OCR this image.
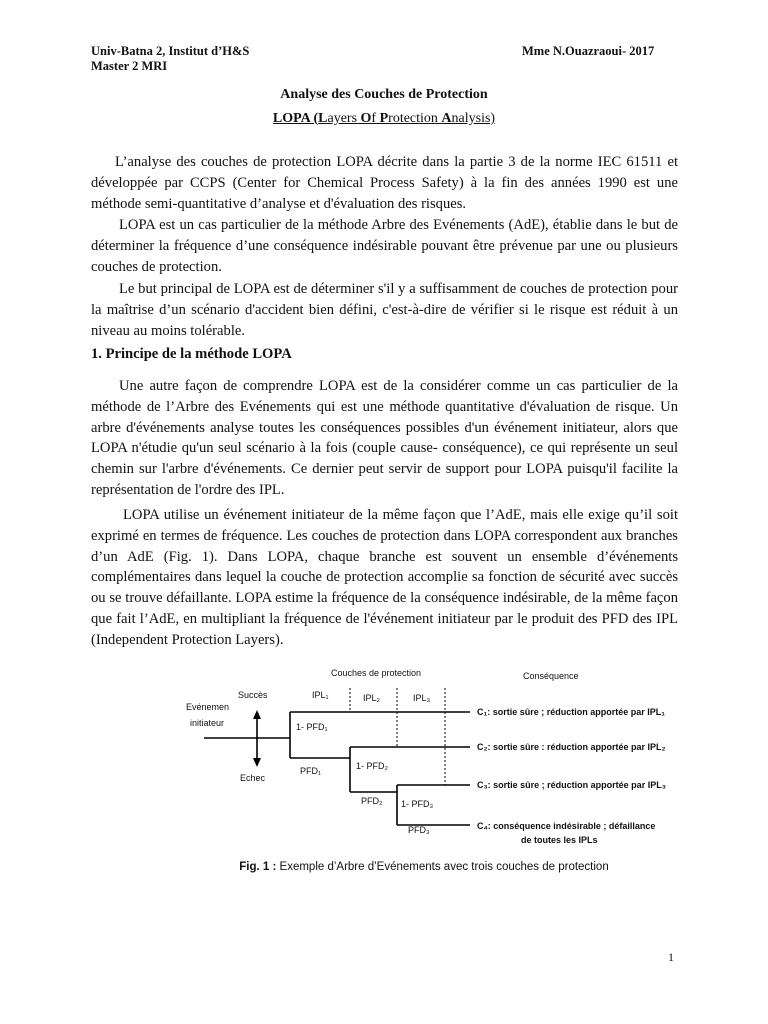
Univ-Batna 2, Institut d’H&S
Master 2 MRI
Mme N.Ouazraoui- 2017
Analyse des Couches de Protection
LOPA (Layers Of Protection Analysis)
L’analyse des couches de protection LOPA décrite dans la partie 3 de la norme IEC 61511 et développée par CCPS (Center for Chemical Process Safety) à la fin des années 1990 est une méthode semi-quantitative d’analyse et d'évaluation des risques.
LOPA est un cas particulier de la méthode Arbre des Evénements (AdE), établie dans le but de déterminer la fréquence d’une conséquence indésirable pouvant être prévenue par une ou plusieurs couches de protection.
Le but principal de LOPA est de déterminer s'il y a suffisamment de couches de protection pour la maîtrise d’un scénario d'accident bien défini, c'est-à-dire de vérifier si le risque est réduit à un niveau au moins tolérable.
1. Principe de la méthode LOPA
Une autre façon de comprendre LOPA est de la considérer comme un cas particulier de la méthode de l’Arbre des Evénements qui est une méthode quantitative d'évaluation de risque. Un arbre d'événements analyse toutes les conséquences possibles d'un événement initiateur, alors que LOPA n'étudie qu'un seul scénario à la fois (couple cause- conséquence), ce qui représente un seul chemin sur l'arbre d'événements. Ce dernier peut servir de support pour LOPA puisqu'il facilite la représentation de l'ordre des IPL.
LOPA utilise un événement initiateur de la même façon que l’AdE, mais elle exige qu’il soit exprimé en termes de fréquence. Les couches de protection dans LOPA correspondent aux branches d’un AdE (Fig. 1). Dans LOPA, chaque branche est souvent un ensemble d’événements complémentaires dans lequel la couche de protection accomplie sa fonction de sécurité avec succès ou se trouve défaillante. LOPA estime la fréquence de la conséquence indésirable, de la même façon que fait l’AdE, en multipliant la fréquence de l'événement initiateur par le produit des PFD des IPL (Independent Protection Layers).
Couches de protection	Conséquence
Succès	IPL₁	IPL₂	IPL₃
Evénemen
initiateur
Echec
1- PFD₁
PFD₁	1- PFD₂
PFD₂ 1- PFD₃
PFD₃
C₁: sortie sûre ; réduction apportée par IPL₁
C₂: sortie sûre : réduction apportée par IPL₂
C₃: sortie sûre ; réduction apportée par IPL₃
C₄: conséquence indésirable ; défaillance
de toutes les IPLs
Fig. 1 : Exemple d’Arbre d’Evénements avec trois couches de protection
1
